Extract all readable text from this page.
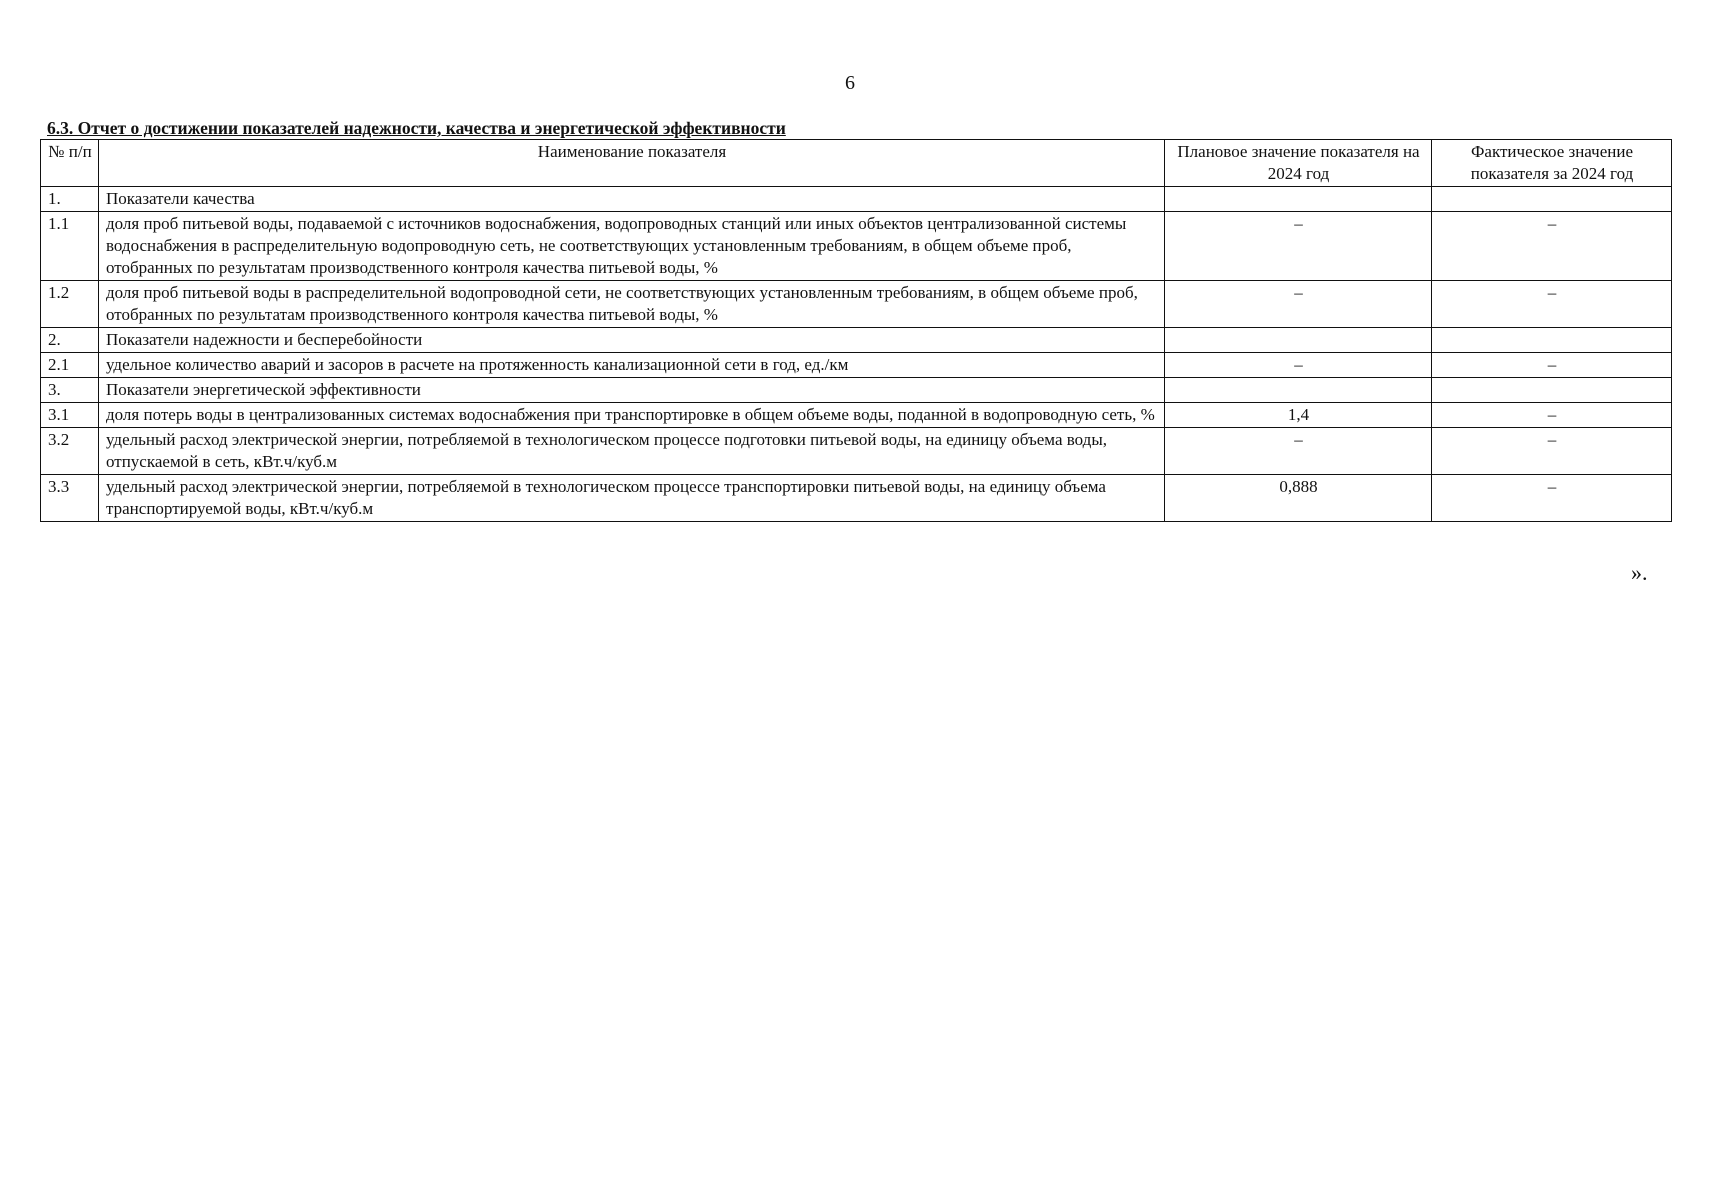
6
6.3. Отчет о достижении показателей надежности, качества и энергетической эффективности
№ п/п	Наименование показателя	Плановое значение показателя на 2024 год	Фактическое значение показателя за 2024 год
1.	Показатели качества		
1.1	доля проб питьевой воды, подаваемой с источников водоснабжения, водопроводных станций или иных объектов централизованной системы водоснабжения в распределительную водопроводную сеть, не соответствующих установленным требованиям, в общем объеме проб, отобранных по результатам производственного контроля качества питьевой воды, %	–	–
1.2	доля проб питьевой воды в распределительной водопроводной сети, не соответствующих установленным требованиям, в общем объеме проб, отобранных по результатам производственного контроля качества питьевой воды, %	–	–
2.	Показатели надежности и бесперебойности		
2.1	удельное количество аварий и засоров в расчете на протяженность канализационной сети в год, ед./км	–	–
3.	Показатели энергетической эффективности		
3.1	доля потерь воды в централизованных системах водоснабжения при транспортировке в общем объеме воды, поданной в водопроводную сеть, %	1,4	–
3.2	удельный расход электрической энергии, потребляемой в технологическом процессе подготовки питьевой воды, на единицу объема воды, отпускаемой в сеть, кВт.ч/куб.м	–	–
3.3	удельный расход электрической энергии, потребляемой в технологическом процессе транспортировки питьевой воды, на единицу объема транспортируемой воды, кВт.ч/куб.м	0,888	–
».
